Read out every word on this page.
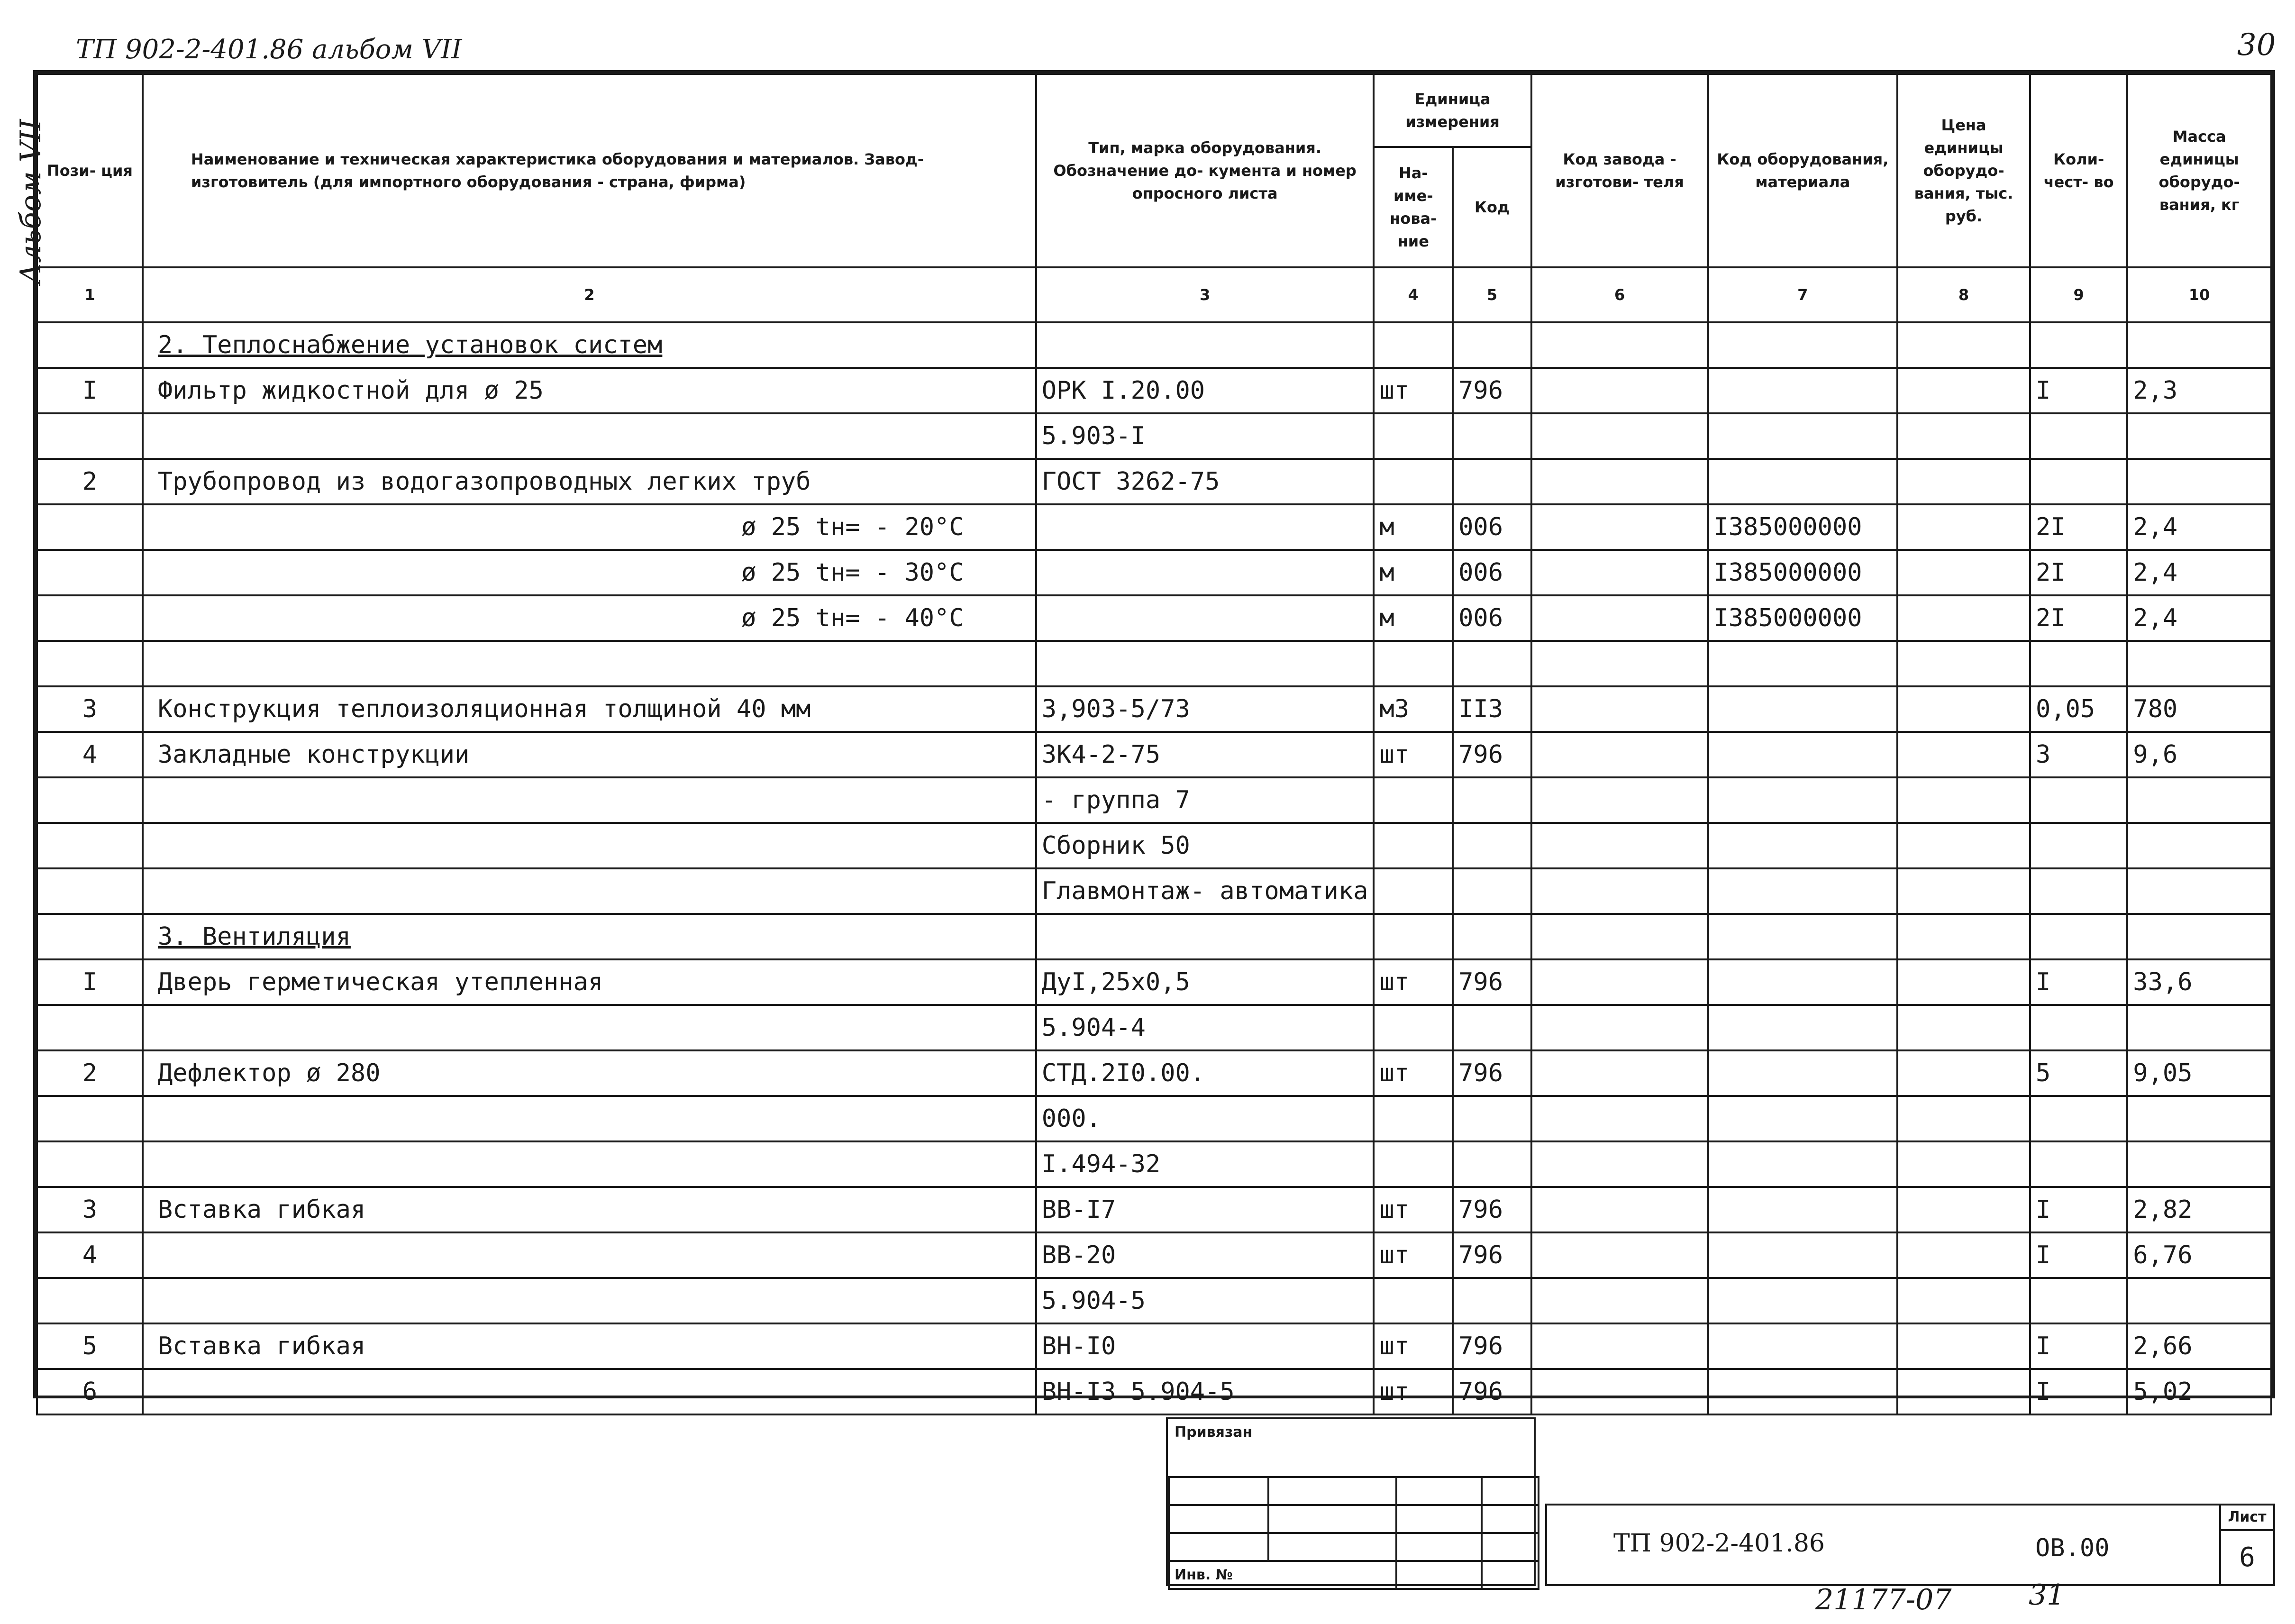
ТП 902-2-401.86 альбом VII	30
Альбом VII Пози- ция	Наименование и техническая характеристика оборудования и материалов. Завод-изготовитель (для импортного оборудования - страна, фирма)	Тип, марка оборудования. Обозначение до- кумента и номер опросного листа	Единица измерения		Код завода - изготови- теля	Код оборудования, материала	Цена единицы оборудо- вания, тыс. руб.	Коли- чест- во	Масса единицы оборудо- вания, кг
			На- име- нова- ние	Код					
1	2	3	4	5	6	7	8	9	10
	2. Теплоснабжение установок систем								
I	Фильтр жидкостной для ø 25	ОРК I.20.00	шт	796				I	2,3
		5.903-I							
2	Трубопровод из водогазопроводных легких труб	ГОСТ 3262-75							
	ø 25 tн= - 20°С		м	006		I385000000		2I	2,4
	ø 25 tн= - 30°С		м	006		I385000000		2I	2,4
	ø 25 tн= - 40°С		м	006		I385000000		2I	2,4

3	Конструкция теплоизоляционная толщиной 40 мм	3,903-5/73	м3	II3				0,05	780
4	Закладные конструкции	ЗК4-2-75	шт	796				3	9,6
		- группа 7							
		Сборник 50							
		Главмонтаж- автоматика							
	3. Вентиляция								
I	Дверь герметическая утепленная	ДуI,25х0,5	шт	796				I	33,6
		5.904-4							
2	Дефлектор ø 280	СТД.2I0.00.	шт	796				5	9,05
		000.							
		I.494-32							
3	Вставка гибкая	ВВ-I7	шт	796				I	2,82
4		ВВ-20	шт	796				I	6,76
		5.904-5							
5	Вставка гибкая	ВН-I0	шт	796				I	2,66
6		ВН-I3 5.904-5	шт	796				I	5,02
Привязан

Инв. №			
ТП 902-2-401.86	ОВ.00
Лист
6
21177-07	31
